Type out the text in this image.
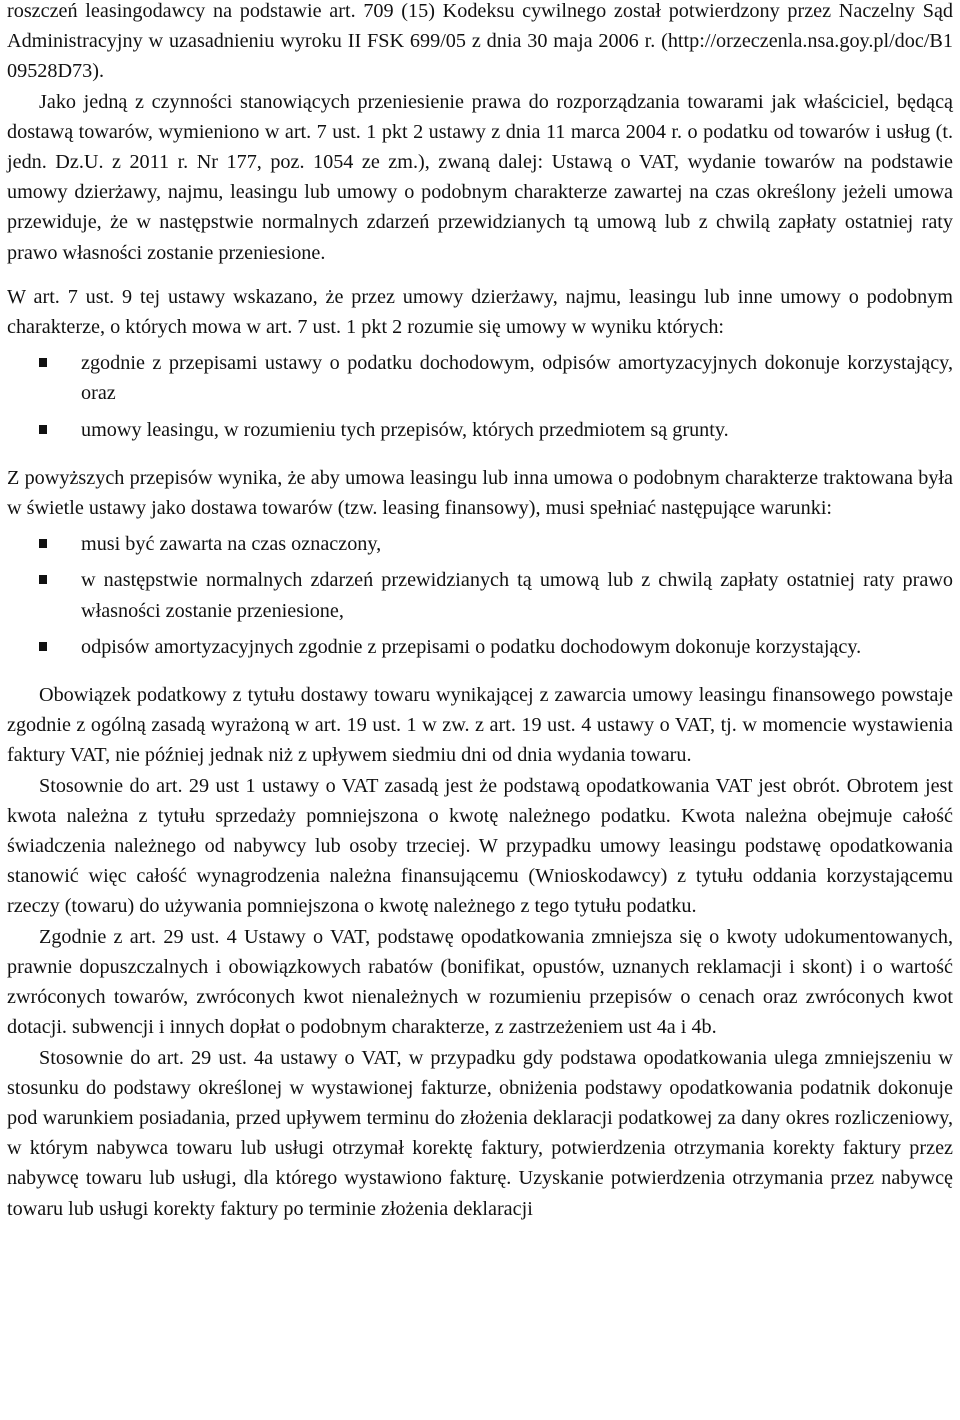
roszczeń leasingodawcy na podstawie art. 709 (15) Kodeksu cywilnego został potwierdzony przez Naczelny Sąd Administracyjny w uzasadnieniu wyroku II FSK 699/05 z dnia 30 maja 2006 r. (http://orzeczenla.nsa.goy.pl/doc/B1 09528D73).

Jako jedną z czynności stanowiących przeniesienie prawa do rozporządzania towarami jak właściciel, będącą dostawą towarów, wymieniono w art. 7 ust. 1 pkt 2 ustawy z dnia 11 marca 2004 r. o podatku od towarów i usług (t. jedn. Dz.U. z 2011 r. Nr 177, poz. 1054 ze zm.), zwaną dalej: Ustawą o VAT, wydanie towarów na podstawie umowy dzierżawy, najmu, leasingu lub umowy o podobnym charakterze zawartej na czas określony jeżeli umowa przewiduje, że w następstwie normalnych zdarzeń przewidzianych tą umową lub z chwilą zapłaty ostatniej raty prawo własności zostanie przeniesione.

W art. 7 ust. 9 tej ustawy wskazano, że przez umowy dzierżawy, najmu, leasingu lub inne umowy o podobnym charakterze, o których mowa w art. 7 ust. 1 pkt 2 rozumie się umowy w wyniku których:

zgodnie z przepisami ustawy o podatku dochodowym, odpisów amortyzacyjnych dokonuje korzystający, oraz
umowy leasingu, w rozumieniu tych przepisów, których przedmiotem są grunty.

Z powyższych przepisów wynika, że aby umowa leasingu lub inna umowa o podobnym charakterze traktowana była w świetle ustawy jako dostawa towarów (tzw. leasing finansowy), musi spełniać następujące warunki:

musi być zawarta na czas oznaczony,
w następstwie normalnych zdarzeń przewidzianych tą umową lub z chwilą zapłaty ostatniej raty prawo własności zostanie przeniesione,
odpisów amortyzacyjnych zgodnie z przepisami o podatku dochodowym dokonuje korzystający.

Obowiązek podatkowy z tytułu dostawy towaru wynikającej z zawarcia umowy leasingu finansowego powstaje zgodnie z ogólną zasadą wyrażoną w art. 19 ust. 1 w zw. z art. 19 ust. 4 ustawy o VAT, tj. w momencie wystawienia faktury VAT, nie później jednak niż z upływem siedmiu dni od dnia wydania towaru.

Stosownie do art. 29 ust 1 ustawy o VAT zasadą jest że podstawą opodatkowania VAT jest obrót. Obrotem jest kwota należna z tytułu sprzedaży pomniejszona o kwotę należnego podatku. Kwota należna obejmuje całość świadczenia należnego od nabywcy lub osoby trzeciej. W przypadku umowy leasingu podstawę opodatkowania stanowić więc całość wynagrodzenia należna finansującemu (Wnioskodawcy) z tytułu oddania korzystającemu rzeczy (towaru) do używania pomniejszona o kwotę należnego z tego tytułu podatku.

Zgodnie z art. 29 ust. 4 Ustawy o VAT, podstawę opodatkowania zmniejsza się o kwoty udokumentowanych, prawnie dopuszczalnych i obowiązkowych rabatów (bonifikat, opustów, uznanych reklamacji i skont) i o wartość zwróconych towarów, zwróconych kwot nienależnych w rozumieniu przepisów o cenach oraz zwróconych kwot dotacji. subwencji i innych dopłat o podobnym charakterze, z zastrzeżeniem ust 4a i 4b.

Stosownie do art. 29 ust. 4a ustawy o VAT, w przypadku gdy podstawa opodatkowania ulega zmniejszeniu w stosunku do podstawy określonej w wystawionej fakturze, obniżenia podstawy opodatkowania podatnik dokonuje pod warunkiem posiadania, przed upływem terminu do złożenia deklaracji podatkowej za dany okres rozliczeniowy, w którym nabywca towaru lub usługi otrzymał korektę faktury, potwierdzenia otrzymania korekty faktury przez nabywcę towaru lub usługi, dla którego wystawiono fakturę. Uzyskanie potwierdzenia otrzymania przez nabywcę towaru lub usługi korekty faktury po terminie złożenia deklaracji
